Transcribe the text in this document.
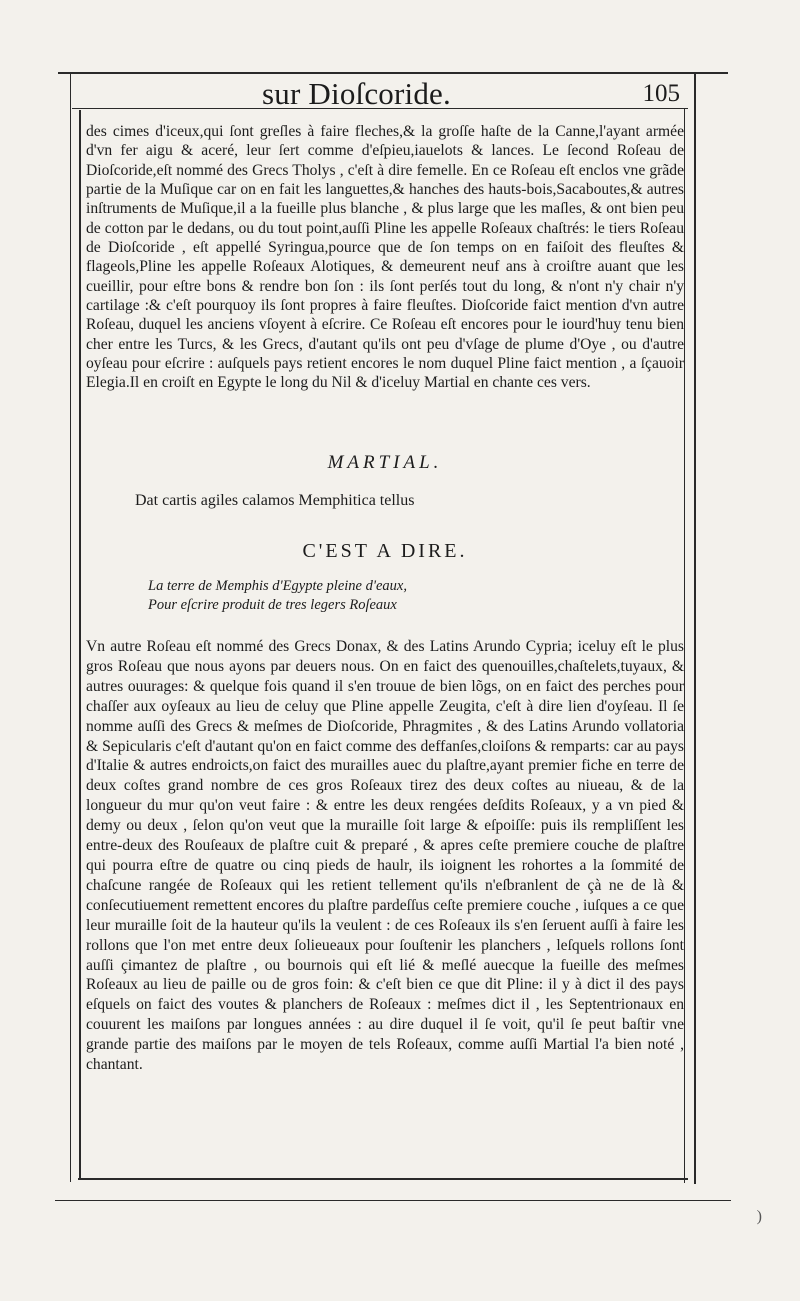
sur Dioſcoride.	105

des cimes d'iceux,qui ſont greſles à faire fleches,& la groſſe haſte de la Canne,l'ayant armée d'vn fer aigu & aceré, leur ſert comme d'eſpieu,iauelots & lances. Le ſecond Roſeau de Dioſcoride,eſt nommé des Grecs Tholys , c'eſt à dire femelle. En ce Roſeau eſt enclos vne grãde partie de la Muſique car on en fait les languettes,& hanches des hauts-bois,Sacaboutes,& autres inſtruments de Muſique,il a la fueille plus blanche , & plus large que les maſles, & ont bien peu de cotton par le dedans, ou du tout point,auſſi Pline les appelle Roſeaux chaſtrés: le tiers Roſeau de Dioſcoride , eſt appellé Syringua,pource que de ſon temps on en faiſoit des fleuſtes & flageols,Pline les appelle Roſeaux Alotiques, & demeurent neuf ans à croiſtre auant que les cueillir, pour eſtre bons & rendre bon ſon : ils ſont perſés tout du long, & n'ont n'y chair n'y cartilage :& c'eſt pourquoy ils ſont propres à faire fleuſtes. Dioſcoride faict mention d'vn autre Roſeau, duquel les anciens vſoyent à eſcrire. Ce Roſeau eſt encores pour le iourd'huy tenu bien cher entre les Turcs, & les Grecs, d'autant qu'ils ont peu d'vſage de plume d'Oye , ou d'autre oyſeau pour eſcrire : auſquels pays retient encores le nom duquel Pline faict mention , a ſçauoir Elegia.Il en croiſt en Egypte le long du Nil & d'iceluy Martial en chante ces vers.

MARTIAL.
Dat cartis agiles calamos Memphitica tellus
C'EST A DIRE.
La terre de Memphis d'Egypte pleine d'eaux,
Pour eſcrire produit de tres legers Roſeaux

Vn autre Roſeau eſt nommé des Grecs Donax, & des Latins Arundo Cypria; iceluy eſt le plus gros Roſeau que nous ayons par deuers nous. On en faict des quenouilles,chaſtelets,tuyaux, & autres ouurages: & quelque fois quand il s'en trouue de bien lõgs, on en faict des perches pour chaſſer aux oyſeaux au lieu de celuy que Pline appelle Zeugita, c'eſt à dire lien d'oyſeau. Il ſe nomme auſſi des Grecs & meſmes de Dioſcoride, Phragmites , & des Latins Arundo vollatoria & Sepicularis c'eſt d'autant qu'on en faict comme des deffanſes,cloiſons & remparts: car au pays d'Italie & autres endroicts,on faict des murailles auec du plaſtre,ayant premier fiche en terre de deux coſtes grand nombre de ces gros Roſeaux tirez des deux coſtes au niueau, & de la longueur du mur qu'on veut faire : & entre les deux rengées deſdits Roſeaux, y a vn pied & demy ou deux , ſelon qu'on veut que la muraille ſoit large & eſpoiſſe: puis ils rempliſſent les entre-deux des Rouſeaux de plaſtre cuit & preparé , & apres ceſte premiere couche de plaſtre qui pourra eſtre de quatre ou cinq pieds de haulr, ils ioignent les rohortes a la ſommité de chaſcune rangée de Roſeaux qui les retient tellement qu'ils n'eſbranlent de çà ne de là & conſecutiuement remettent encores du plaſtre pardeſſus ceſte premiere couche , iuſques a ce que leur muraille ſoit de la hauteur qu'ils la veulent : de ces Roſeaux ils s'en ſeruent auſſi à faire les rollons que l'on met entre deux ſolieueaux pour ſouſtenir les planchers , leſquels rollons ſont auſſi çimantez de plaſtre , ou bournois qui eſt lié & meſlé auecque la fueille des meſmes Roſeaux au lieu de paille ou de gros foin: & c'eſt bien ce que dit Pline: il y à dict il des pays eſquels on faict des voutes & planchers de Roſeaux : meſmes dict il , les Septentrionaux en couurent les maiſons par longues années : au dire duquel il ſe voit, qu'il ſe peut baſtir vne grande partie des maiſons par le moyen de tels Roſeaux, comme auſſi Martial l'a bien noté , chantant.

)
